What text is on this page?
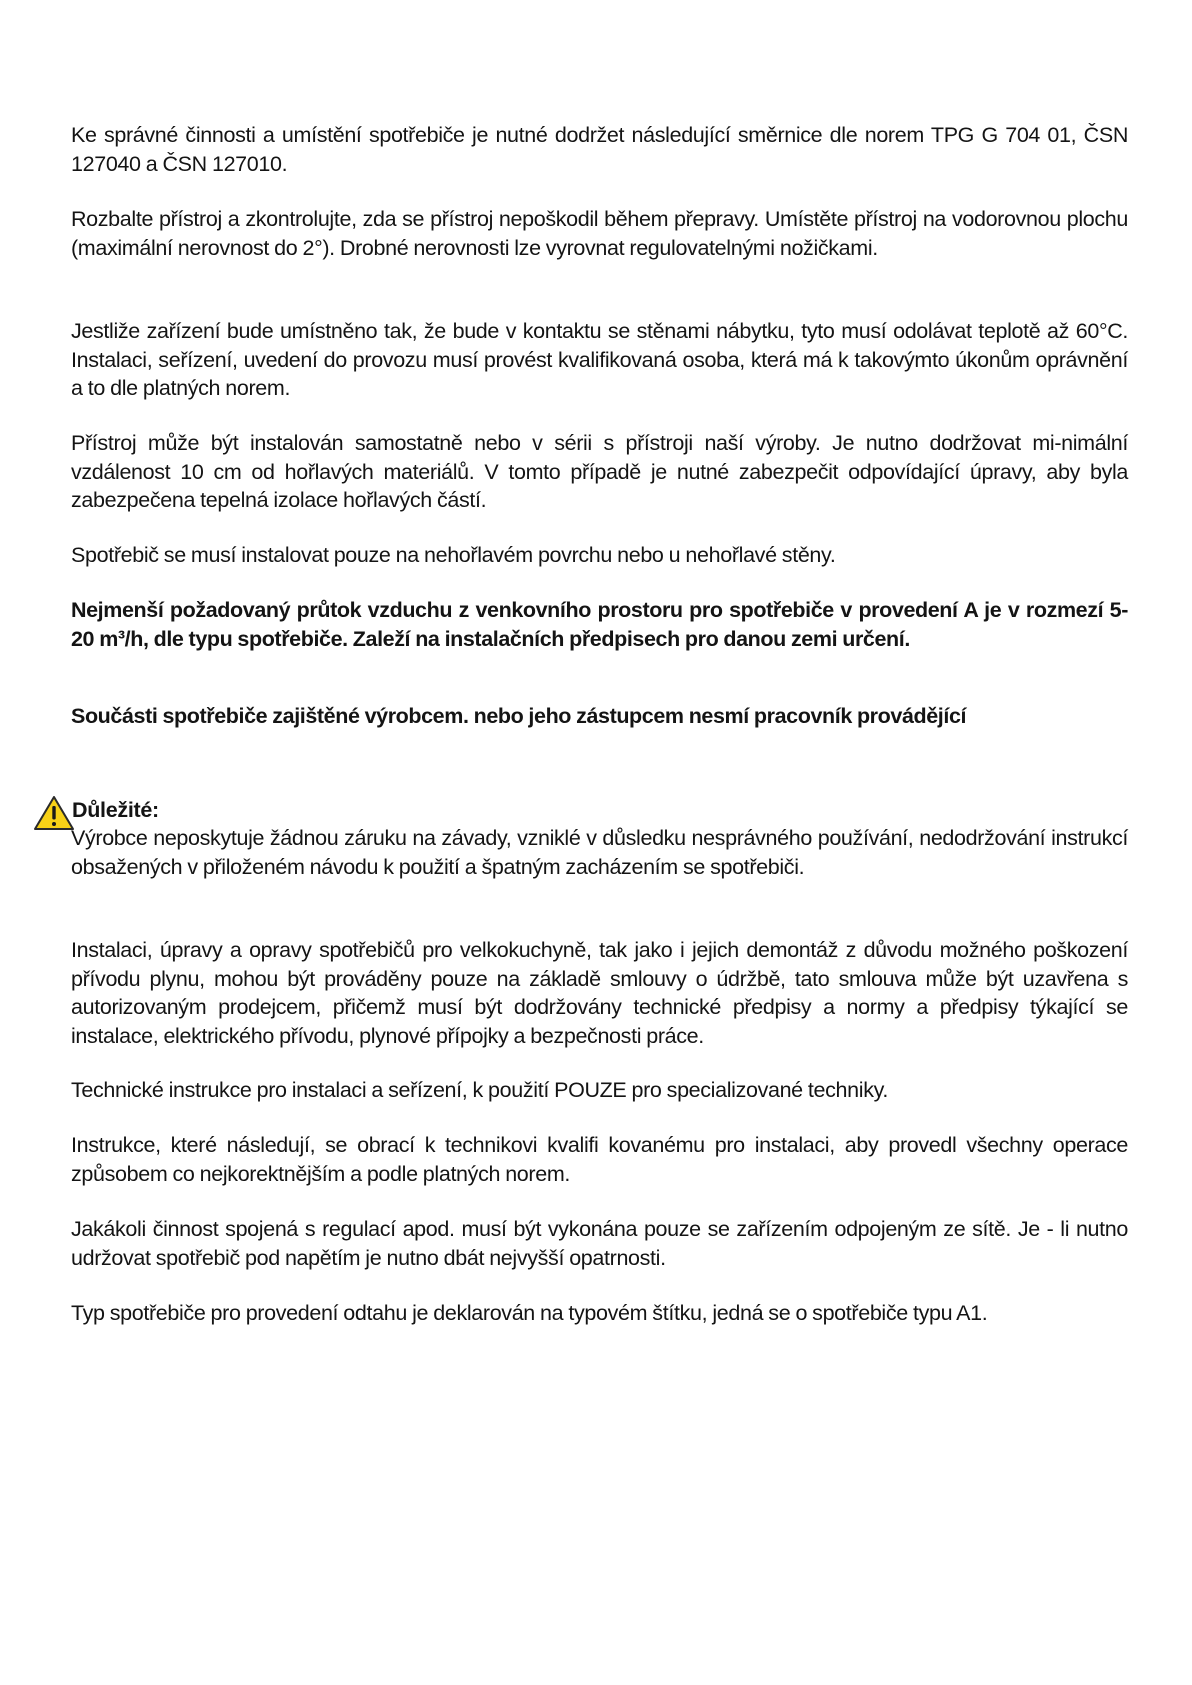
Ke správné činnosti a umístění spotřebiče je nutné dodržet následující směrnice dle norem TPG G 704 01, ČSN 127040 a ČSN 127010.

Rozbalte přístroj a zkontrolujte, zda se přístroj nepoškodil během přepravy. Umístěte přístroj na vodorovnou plochu (maximální nerovnost do 2°). Drobné nerovnosti lze vyrovnat regulovatelnými nožičkami.

Jestliže zařízení bude umístněno tak, že bude v kontaktu se stěnami nábytku, tyto musí odolávat teplotě až 60°C. Instalaci, seřízení, uvedení do provozu musí provést kvalifikovaná osoba, která má k takovýmto úkonům oprávnění a to dle platných norem.

Přístroj může být instalován samostatně nebo v sérii s přístroji naší výroby. Je nutno dodržovat mi-nimální vzdálenost 10 cm od hořlavých materiálů. V tomto případě je nutné zabezpečit odpovídající úpravy, aby byla zabezpečena tepelná izolace hořlavých částí.

Spotřebič se musí instalovat pouze na nehořlavém povrchu nebo u nehořlavé stěny.

Nejmenší požadovaný průtok vzduchu z venkovního prostoru pro spotřebiče v provedení A je v rozmezí 5-20 m³/h, dle typu spotřebiče. Zaleží na instalačních předpisech pro danou zemi určení.

Součásti spotřebiče zajištěné výrobcem. nebo jeho zástupcem nesmí pracovník provádějící

Důležité:

Výrobce neposkytuje žádnou záruku na závady, vzniklé v důsledku nesprávného používání, nedodržování instrukcí obsažených v přiloženém návodu k použití a špatným zacházením se spotřebiči.

Instalaci, úpravy a opravy spotřebičů pro velkokuchyně, tak jako i jejich demontáž z důvodu možného poškození přívodu plynu, mohou být prováděny pouze na základě smlouvy o údržbě, tato smlouva může být uzavřena s autorizovaným prodejcem, přičemž musí být dodržovány technické předpisy a normy a předpisy týkající se instalace, elektrického přívodu, plynové přípojky a bezpečnosti práce.

Technické instrukce pro instalaci a seřízení, k použití POUZE pro specializované techniky.

Instrukce, které následují, se obrací k technikovi kvalifi kovanému pro instalaci, aby provedl všechny operace způsobem co nejkorektnějším a podle platných norem.

Jakákoli činnost spojená s regulací apod. musí být vykonána pouze se zařízením odpojeným ze sítě. Je - li nutno udržovat spotřebič pod napětím je nutno dbát nejvyšší opatrnosti.

Typ spotřebiče pro provedení odtahu je deklarován na typovém štítku, jedná se o spotřebiče typu A1.
